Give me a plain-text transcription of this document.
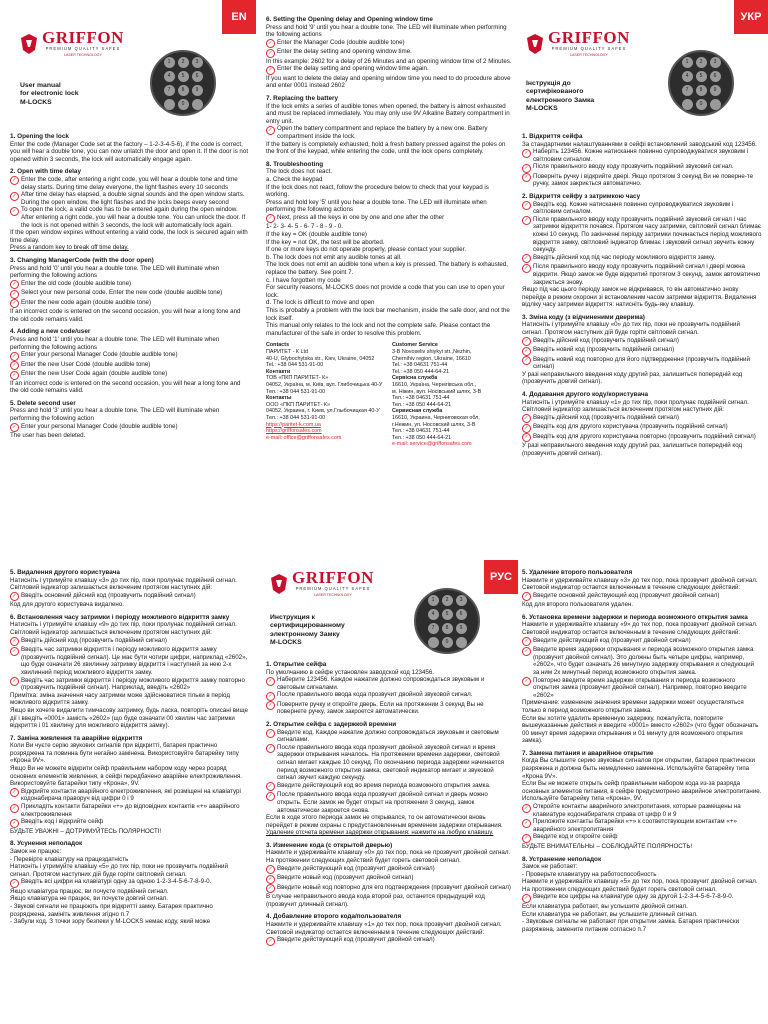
GRIFFON
PREMIUM QUALITY SAFES
LASER TECHNOLOGY
EN
1	2	3
4	5	6
7	8	9
0
User manual
for electronic lock
M-LOCKS
1. Opening the lock
Enter the code (Manager Code set at the factory – 1-2-3-4-5-6), if the code is correct, you will hear a double tone, you can now unlatch the door and open it. If the door is not opened within 3 seconds, the lock will automatically engage again.
2. Open with time delay
✓ Enter the code, after entering a right code, you will hear a double tone and time delay starts. During time delay everyone, the light flashes every 10 seconds
✓ After time delay has elapsed, a double signal sounds and the open window starts. During the open window, the light flashes and the locks beeps every second
✓ To open the lock, a valid code has to be entered again during the open window. After entering a right code, you will hear a double tone. You can unlock the door. If the lock is not opened within 3 seconds, the lock will automatically lock again.
If the open window expires without entering a valid code, the lock is secured again with time delay.
Press a random key to break off time delay.
3. Changing ManagerCode (with the door open)
Press and hold '0' until you hear a double tone. The LED will illuminate when performing the following actions
✓ Enter the old code (double audible tone)
✓ Select your new personal code. Enter the new code (double audible tone)
✓ Enter the new code again (double audible tone)
If an incorrect code is entered on the second occasion, you will hear a long tone and the old code remains valid.
4. Adding a new code/user
Press and hold '1' until you hear a double tone. The LED will illuminate when performing the following actions
✓ Enter your personal Manager Code (double audible tone)
✓ Enter the new User Code (double audible tone)
✓ Enter the new User Code again (double audible tone)
If an incorrect code is entered on the second occasion, you will hear a long tone and the old code remains valid.
5. Delete second user
Press and hold '3' until you hear a double tone. The LED will illuminate when performing the following action
✓ Enter your personal Manager Code (double audible tone)
The user has been deleted.
6. Setting the Opening delay and Opening window time
Press and hold '9' until you hear a double tone. The LED will illuminate when performing the following actions
✓ Enter the Manager Code (double audible tone)
✓ Enter the delay setting and opening window time.
In this example: 2602 for a delay of 26 Minutes and an opening window time of 2 Minutes.
✓ Enter the delay setting and opening window time again.
If you want to delete the delay and opening window time you need to do procedure above and enter 0001 instead 2602
7. Replacing the battery
If the lock emits a series of audible tones when opened, the battery is almost exhausted and must be replaced immediately. You may only use 9V Alkaline Battery compartment in entry unit.
✓ Open the battery compartment and replace the battery by a new one. Battery compartment inside the lock.
If the battery is completely exhausted, hold a fresh battery pressed against the poles on the front of the keypad, while entering the code, until the lock opens completely.
8. Troubleshooting
The lock does not react.
a. Check the keypad
If the lock does not react, follow the procedure below to check that your keypad is working.
Press and hold key '5' until you hear a double tone. The LED will illuminate when performing the following actions
✓ Next, press all the keys in one by one and one after the other
1- 2- 3- 4- 5 - 6- 7 - 8 - 9 - 0.
If the key = OK (double audible tone)
If the key = not OK, the test will be aborted.
If one or more keys do not operate properly, please contact your supplier.
b. The lock does not emit any audible tones at all.
The lock does not emit an audible tone when a key is pressed. The battery is exhausted, replace the battery. See point 7.
c. I have forgotten my code
For security reasons, M-LOCKS does not provide a code that you can use to open your lock.
d. The lock is difficult to move and open
This is probably a problem with the lock bar mechanism, inside the safe door, and not the lock itself.
This manual only relates to the lock and not the complete safe. Please contact the manufacturer of the safe in order to resolve this problem.
Contacts
ПАРИТЕТ - К Ltd
40-U, Glybochytska str., Kiev, Ukraine, 04052
Tel.: +38 044 531-91-00
Контакти
ТОВ «ПКП ПАРИТЕТ- К»
04052, Україна, м. Київ, вул. Глибочицька 40-У
Тел.: +38 044 531-91-00
Контакты
ООО «ПКП ПАРИТЕТ- К»
04052, Украина, г. Киев, ул.Глыбочицкая 40-У
Тел.: +38 044 531-91-00
https://paritet-k.com.ua
https://griffonsafes.com
e-mail: office@griffonsafes.com
Customer Service
3-B Novoseliv shiykyi str.,Nezhin,
Chernihiv region, Ukraine, 16610
Tel.: +38 04631 751-44
Tel.: +38 050 444-64-21
Сервісна служба
16610, Україна, Чернігівська обл.,
м. Ніжин, вул. Носівський шлях, 3-В
Тел.: +38 04631 751-44
Тел.: +38 050 444-64-21
Сервисная служба
16610, Украина, Черниговская обл,
г.Нежин, ул. Носовский шлях, 3-В
Тел.: +38 04631 751-44
Тел.: +38 050 444-64-21
e-mail: service@griffonsafes.com
GRIFFON
PREMIUM QUALITY SAFES
LASER TECHNOLOGY
УКР
1	2	3
4	5	6
7	8	9
0
Інструкція до
сертифікованого
електронного Замка
M-LOCKS
1. Відкриття сейфа
За стандартними налаштуваннями в сейфі встановлений заводський код 123456.
✓ Наберіть 123456. Кожне натискання повинно супроводжуватися звуковим і світловим сигналом.
✓ Після правильного вводу коду прозвучить подвійний звуковий сигнал.
✓ Поверніть ручку і відкрийте двері. Якщо протягом 3 секунд Ви не поверне-те ручку, замок закриється автоматично.
2. Відкриття сейфу з затримкою часу
✓ Введіть код. Кожне натискання повинно супроводжуватися звуковим і світловим сигналом.
✓ Після правильного вводу коду прозвучить подвійний звуковий сигнал і час затримки відкриття почався. Протягом часу затримки, світловий сигнал блимає кожні 10 секунд. По закінченні періоду затримки починається період можливого відкриття замку, світловий індикатор блимає і звуковий сигнал звучить кожну секунду.
✓ Введіть дійсний код під час періоду можливого відкриття замку.
✓ Після правильного вводу коду прозвучить подвійний сигнал і двері можна відкрити. Якщо замок не буде відкритий протягом 3 секунд, замок автоматично закриється знову.
Якщо під час цього періоду замок не відкривався, то він автоматично знову перейде в режим охорони зі встановленим часом затримки відкриття. Видалення відліку часу затримки відкриття: натисніть будь-яку клавішу.
3. Зміна коду (з відчиненими дверима)
Натисніть і утримуйте клавішу «0» до тих пір, поки не прозвучить подвійний сигнал. Протягом наступних дій буде горіти світловий сигнал.
✓ Введіть дійсний код (прозвучить подвійний сигнал)
✓ Введіть новий код (прозвучить подвійний сигнал)
✓ Введіть новий код повторно для його підтвердження (прозвучить подвійний сигнал)
У разі неправильного введення коду другий раз, залишиться попередній код (прозвучить довгий сигнал).
4. Додавання другого коду/користувача
Натисніть і утримуйте клавішу «1» до тих пір, поки пролунає подвійний сигнал. Світловий індикатор залишається включеним протягом наступних дій:
✓ Введіть дійсний код (прозвучить подвійний сигнал)
✓ Введіть код для другого користувача (прозвучить подвійний сигнал)
✓ Введіть код для другого користувача повторно (прозвучить подвійний сигнал)
У разі неправильного введення коду другий раз, залишиться попередній код (прозвучить довгий сигнал).
5. Видалення другого користувача
Натисніть і утримуйте клавішу «3» до тих пір, поки пролунає подвійний сигнал. Світловий індикатор залишається включеним протягом наступних дій:
✓ Введіть основний дійсний код (прозвучить подвійний сигнал)
Код для другого користувача видалено.
6. Встановлення часу затримки і періоду можливого відкриття замку
Натисніть і утримуйте клавішу «9» до тих пір, поки пролунає подвійний сигнал. Світловий індикатор залишається включеним протягом наступних дій:
✓ Введіть дійсний код (прозвучить подвійний сигнал)
✓ Введіть час затримки відкриття і періоду можливого відкриття замку (прозвучить подвійний сигнал). Це має бути чотири цифри, наприклад «2602», що буде означати 26 хвилинну затримку відкриття і наступний за нею 2-х хвилинний період можливого відкриття замку.
✓ Введіть час затримки відкриття і періоду можливого відкриття замку повторно (прозвучить подвійний сигнал). Наприклад, введіть «2602»
Примітка: зміна значення часу затримки може здійснюватися тільки в період можливого відкриття замку.
Якщо ви хочете видалити тимчасову затримку, будь ласка, повторіть описані вище дії і введіть «0001» замість «2602» (що буде означати 00 хвилин час затримки відкриття і 01 хвилину для можливого відкриття замку).
7. Заміна живлення та аварійне відкриття
Коли Ви чуєте серію звукових сигналів при відкритті, батарея практично розряджена та повинна бути негайно замінена. Використовуйте батарейку типу «Крона 9V».
Якщо Ви не можете відкрити сейф правильним набором коду через розряд основних елементів живлення, в сейфі передбачено аварійне електроживлення. Використовуйте батарейки типу «Крона», 9V.
✓ Відкрийте контакти аварійного електроживлення, які розміщені на клавіатурі кодонабирача праворуч від цифри 0 і 9
✓ Прикладіть контакти батарейки «+» до відповідних контактів «+» аварійного електроживлення
✓ Введіть код і відкрийте сейф
БУДЬТЕ УВАЖНІ – ДОТРИМУЙТЕСЬ ПОЛЯРНОСТІ!
8. Усунення неполадок
Замок не працює:
- Перевірте клавіатуру на працездатність
Натисніть і утримуйте клавішу «5» до тих пір, поки не прозвучить подвійний сигнал. Протягом наступних дій буде горіти світловий сигнал.
✓ Введіть всі цифри на клавіатурі одну за одною 1-2-3-4-5-6-7-8-9-0.
Якщо клавіатура працює, ви почуєте подвійний сигнал.
Якщо клавіатура не працює, ви почуєте довгий сигнал.
- Звукові сигнали не працюють при відкритті замку. Батарея практично розряджена, замініть живлення згідно п.7
- Забули код. З точки зору безпеки у M-LOCKS немає коду, який може
GRIFFON
PREMIUM QUALITY SAFES
LASER TECHNOLOGY
РУС
1	2	3
4	5	6
7	8	9
0
Инструкция к
сертифицированному
электронному Замку
M-LOCKS
1. Открытие сейфа
По умолчанию в сейфе установлен заводской код 123456.
✓ Наберите 123456. Каждое нажатие должно сопровождаться звуковым и световым сигналами.
✓ После правильного ввода кода прозвучит двойной звуковой сигнал.
✓ Поверните ручку и откройте дверь. Если на протяжении 3 секунд Вы не повернете ручку, замок закроется автоматически.
2. Открытие сейфа с задержкой времени
✓ Введите код. Каждое нажатие должно сопровождаться звуковым и световым сигналами.
✓ После правильного ввода кода прозвучит двойной звуковой сигнал и время задержки открывания началось. На протяжении времени задержки, световой сигнал мигает каждые 10 секунд. По окончанию периода задержки начинается период возможного открытия замка, световой индикатор мигает и звуковой сигнал звучит каждую секунду.
✓ Введите действующий код во время периода возможного открытия замка.
✓ После правильного ввода кода прозвучит двойной сигнал и дверь можно открыть. Если замок не будет открыт на протяжении 3 секунд, замок автоматически закроется снова.
Если в ходе этого периода замок не открывался, то он автоматически вновь перейдет в режим охраны с предустановленным временем задержки открывания.
Удаление отсчета времени задержки открывания: нажмите на любую клавишу.
3. Изменение кода (с открытой дверью)
Нажмите и удерживайте клавишу «0» до тех пор, пока не прозвучит двойной сигнал. На протяжении следующих действий будет гореть световой сигнал.
✓ Введите действующий код (прозвучит двойной сигнал)
✓ Введите новый код (прозвучит двойной сигнал)
✓ Введите новый код повторно для его подтверждения (прозвучит двойной сигнал)
В случае неправильного ввода кода второй раз, останется предыдущий код (прозвучит длинный сигнал).
4. Добавление второго кода/пользователя
Нажмите и удерживайте клавишу «1» до тех пор, пока прозвучит двойной сигнал. Световой индикатор остается включенным в течение следующих действий:
✓ Введите действующий код (прозвучит двойной сигнал)
5. Удаление второго пользователя
Нажмите и удерживайте клавишу «3» до тех пор, пока прозвучит двойной сигнал. Световой индикатор остается включенным в течение следующих действий:
✓ Введите основной действующий код (прозвучит двойной сигнал)
Код для второго пользователя удален.
6. Установка времени задержки и периода возможного открытия замка
Нажмите и удерживайте клавишу «9» до тех пор, пока прозвучит двойной сигнал. Световой индикатор остается включенным в течение следующих действий:
✓ Введите действующий код (прозвучит двойной сигнал)
✓ Введите время задержки открывания и периода возможного открытия замка (прозвучит двойной сигнал). Это должны быть четыре цифры, например, «2602», что будет означать 26 минутную задержку открывания и следующий за ним 2х минутный период возможного открытия замка.
✓ Повторно введите время задержки открывания и периода возможного открытия замка (прозвучит двойной сигнал). Например, повторно введите «2602»
Примечание: изменение значения времени задержки может осуществляться только в период возможного открытия замка.
Если вы хотите удалить временную задержку, пожалуйста, повторите вышеуказанные действия и введите «0001» вместо «2602» (что будет обозначать 00 минут время задержки открывания и 01 минуту для возможного открытия замка).
7. Замена питания и аварийное открытие
Когда Вы слышите серию звуковых сигналов при открытии, батарея практически разряжена и должна быть немедленно заменена. Используйте батарейку типа «Крона 9V».
Если Вы не можете открыть сейф правильным набором кода из-за разряда основных элементов питания, в сейфе предусмотрено аварийное электропитание. Используйте батарейку типа «Крона», 9V.
✓ Откройте контакты аварийного электропитания, которые размещены на клавиатуре кодонабирателя справа от цифр 0 и 9
✓ Приложите контакты батарейки «+» к соответствующим контактам «+» аварийного электропитания
✓ Введите код и откройте сейф
БУДЬТЕ ВНИМАТЕЛЬНЫ – СОБЛЮДАЙТЕ ПОЛЯРНОСТЬ!
8. Устранение неполадок
Замок не работает:
- Проверьте клавиатуру на работоспособность
Нажмите и удерживайте клавишу «5» до тех пор, пока прозвучит двойной сигнал. На протяжении следующих действий будет гореть световой сигнал.
✓ Введите все цифры на клавиатуре одну за другой 1-2-3-4-5-6-7-8-9-0.
Если клавиатура работает, вы услышите двойной сигнал.
Если клавиатура не работает, вы услышите длинный сигнал.
- Звуковые сигналы не работают при открытии замка. Батарея практически разряжена, замените питание согласно п.7
